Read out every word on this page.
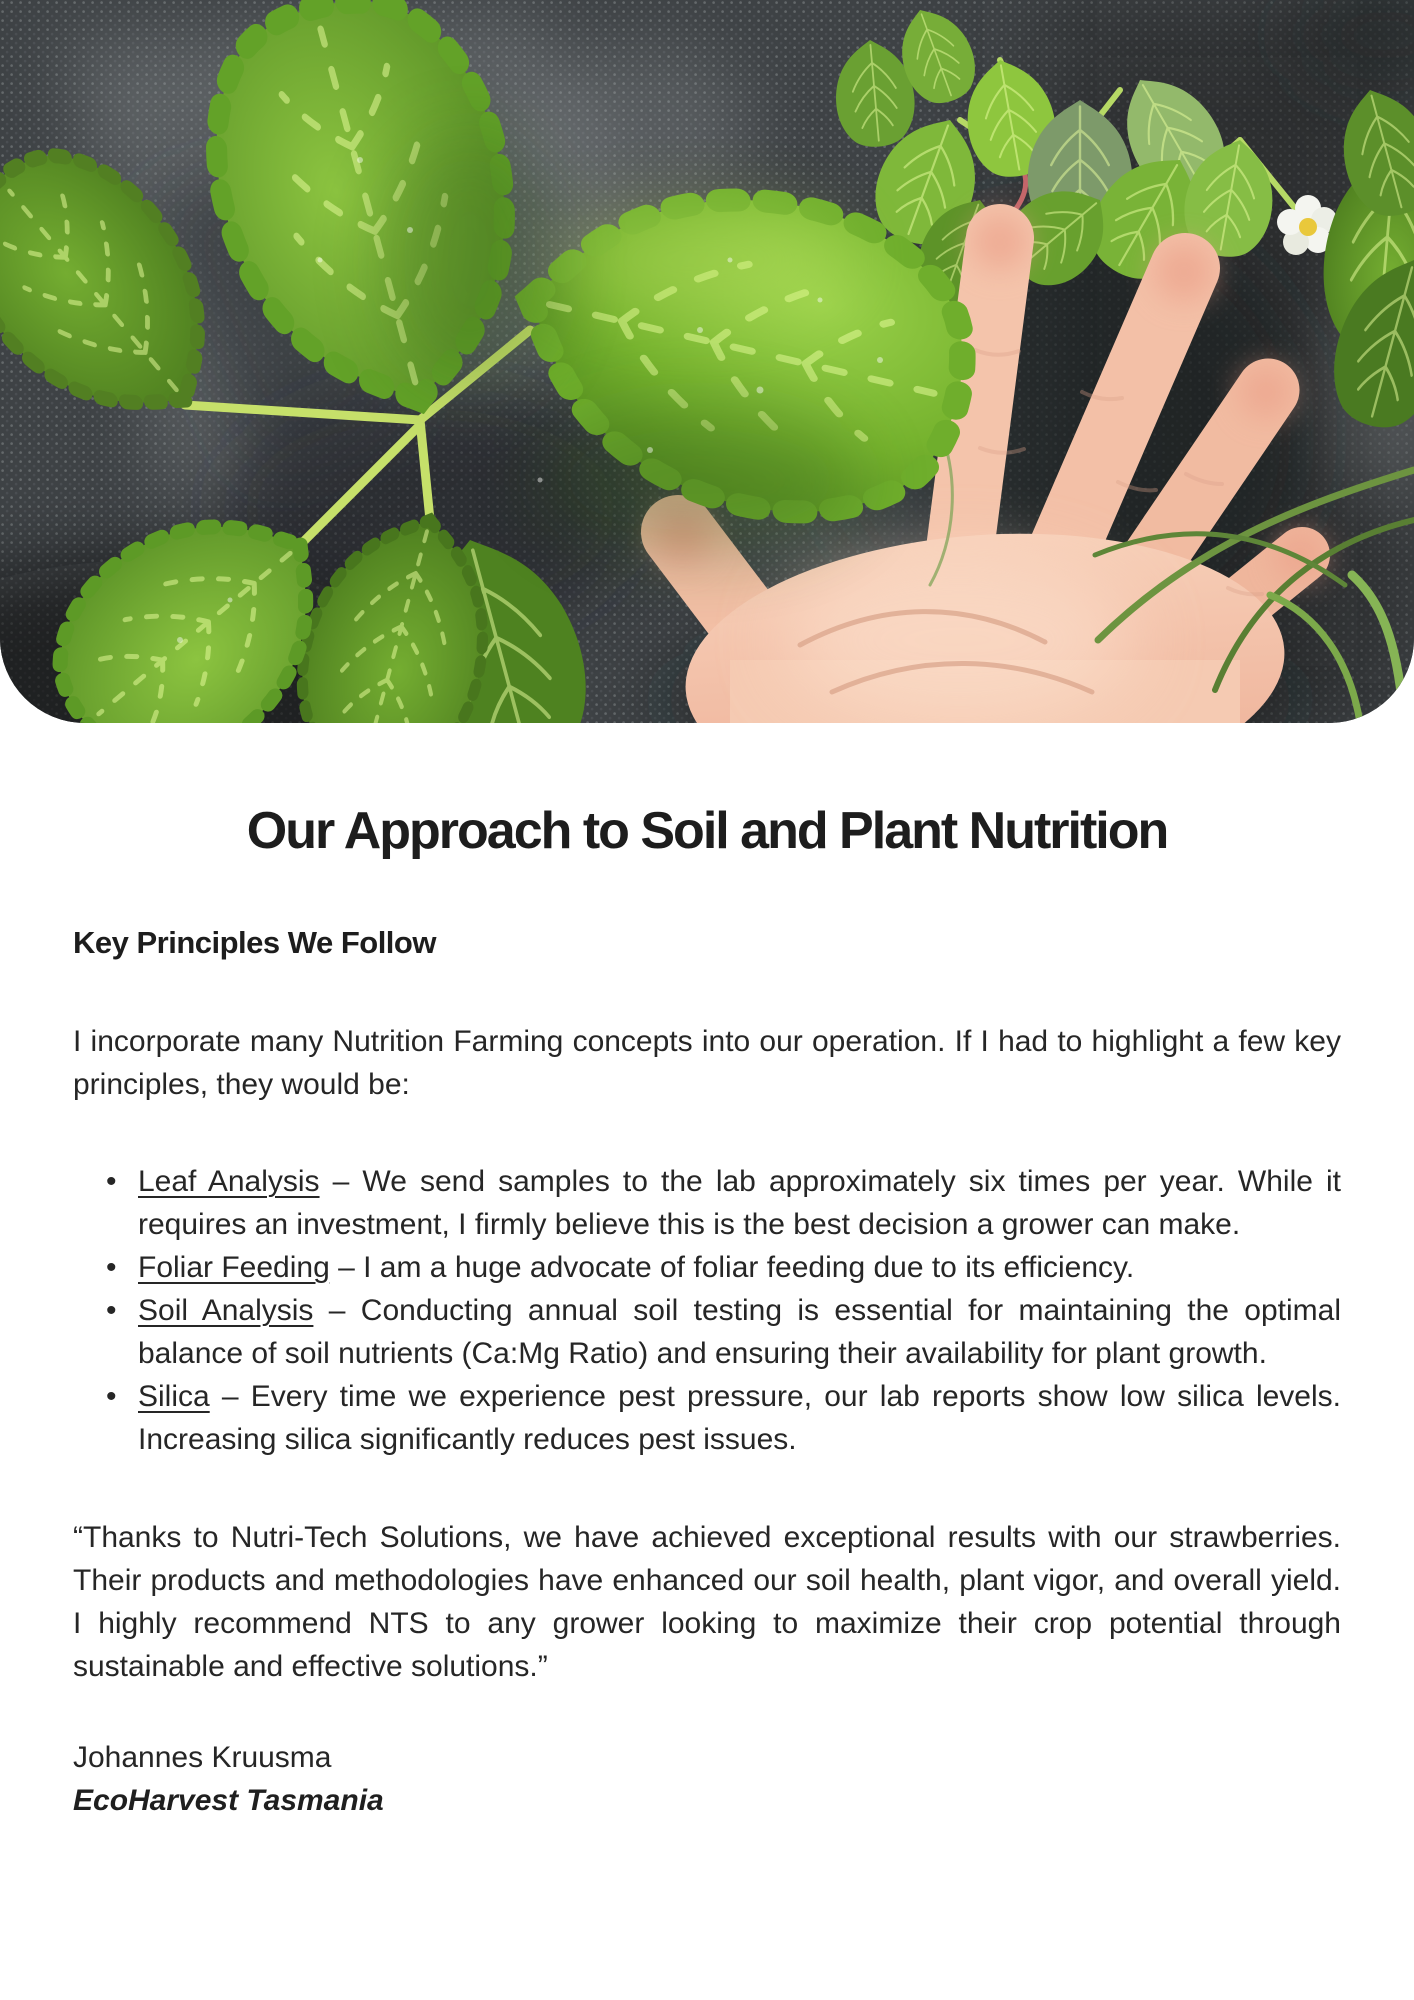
Our Approach to Soil and Plant Nutrition
Key Principles We Follow

I incorporate many Nutrition Farming concepts into our operation. If I had to highlight a few key principles, they would be:

• Leaf Analysis – We send samples to the lab approximately six times per year. While it requires an investment, I firmly believe this is the best decision a grower can make.
• Foliar Feeding – I am a huge advocate of foliar feeding due to its efficiency.
• Soil Analysis – Conducting annual soil testing is essential for maintaining the optimal balance of soil nutrients (Ca:Mg Ratio) and ensuring their availability for plant growth.
• Silica – Every time we experience pest pressure, our lab reports show low silica levels. Increasing silica significantly reduces pest issues.

“Thanks to Nutri-Tech Solutions, we have achieved exceptional results with our strawberries. Their products and methodologies have enhanced our soil health, plant vigor, and overall yield. I highly recommend NTS to any grower looking to maximize their crop potential through sustainable and effective solutions.”

Johannes Kruusma

EcoHarvest Tasmania
